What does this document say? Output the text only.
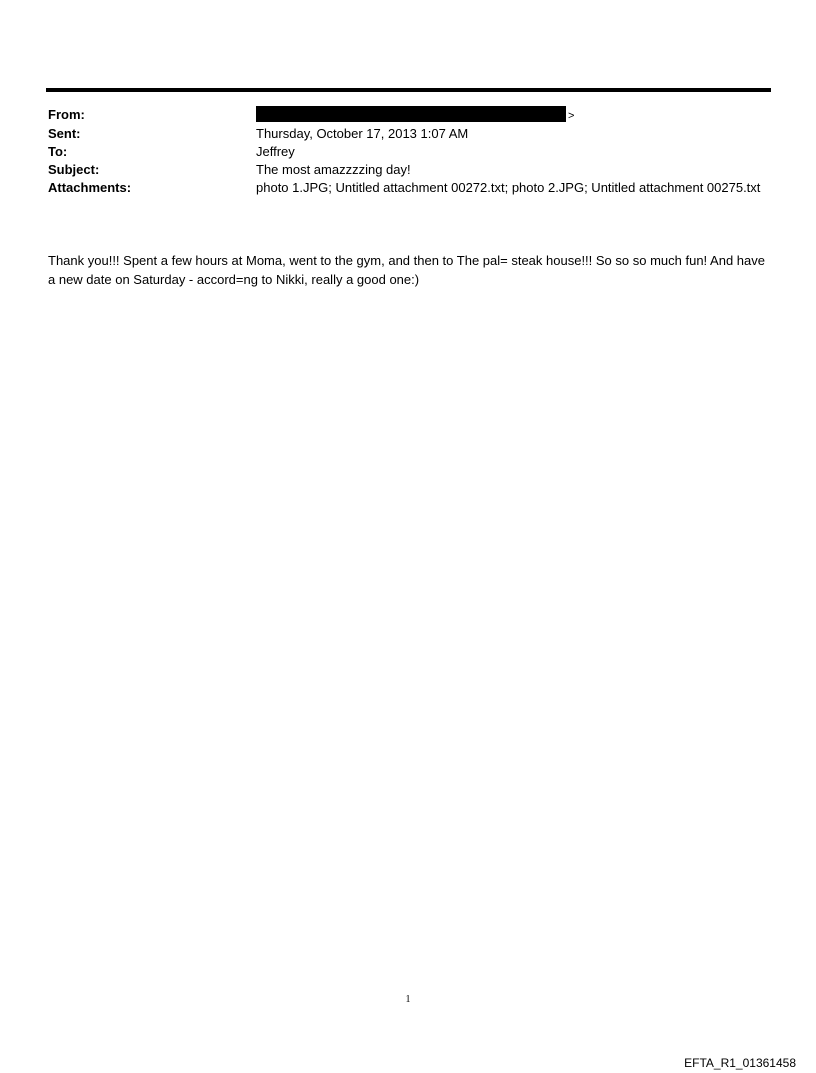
From:	>
Sent:	Thursday, October 17, 2013 1:07 AM
To:	Jeffrey
Subject:	The most amazzzzing day!
Attachments:	photo 1.JPG; Untitled attachment 00272.txt; photo 2.JPG; Untitled attachment 00275.txt
Thank you!!! Spent a few hours at Moma, went to the gym, and then to The pal= steak house!!! So so so much fun! And have a new date on Saturday - accord=ng to Nikki, really a good one:)
1
EFTA_R1_01361458
